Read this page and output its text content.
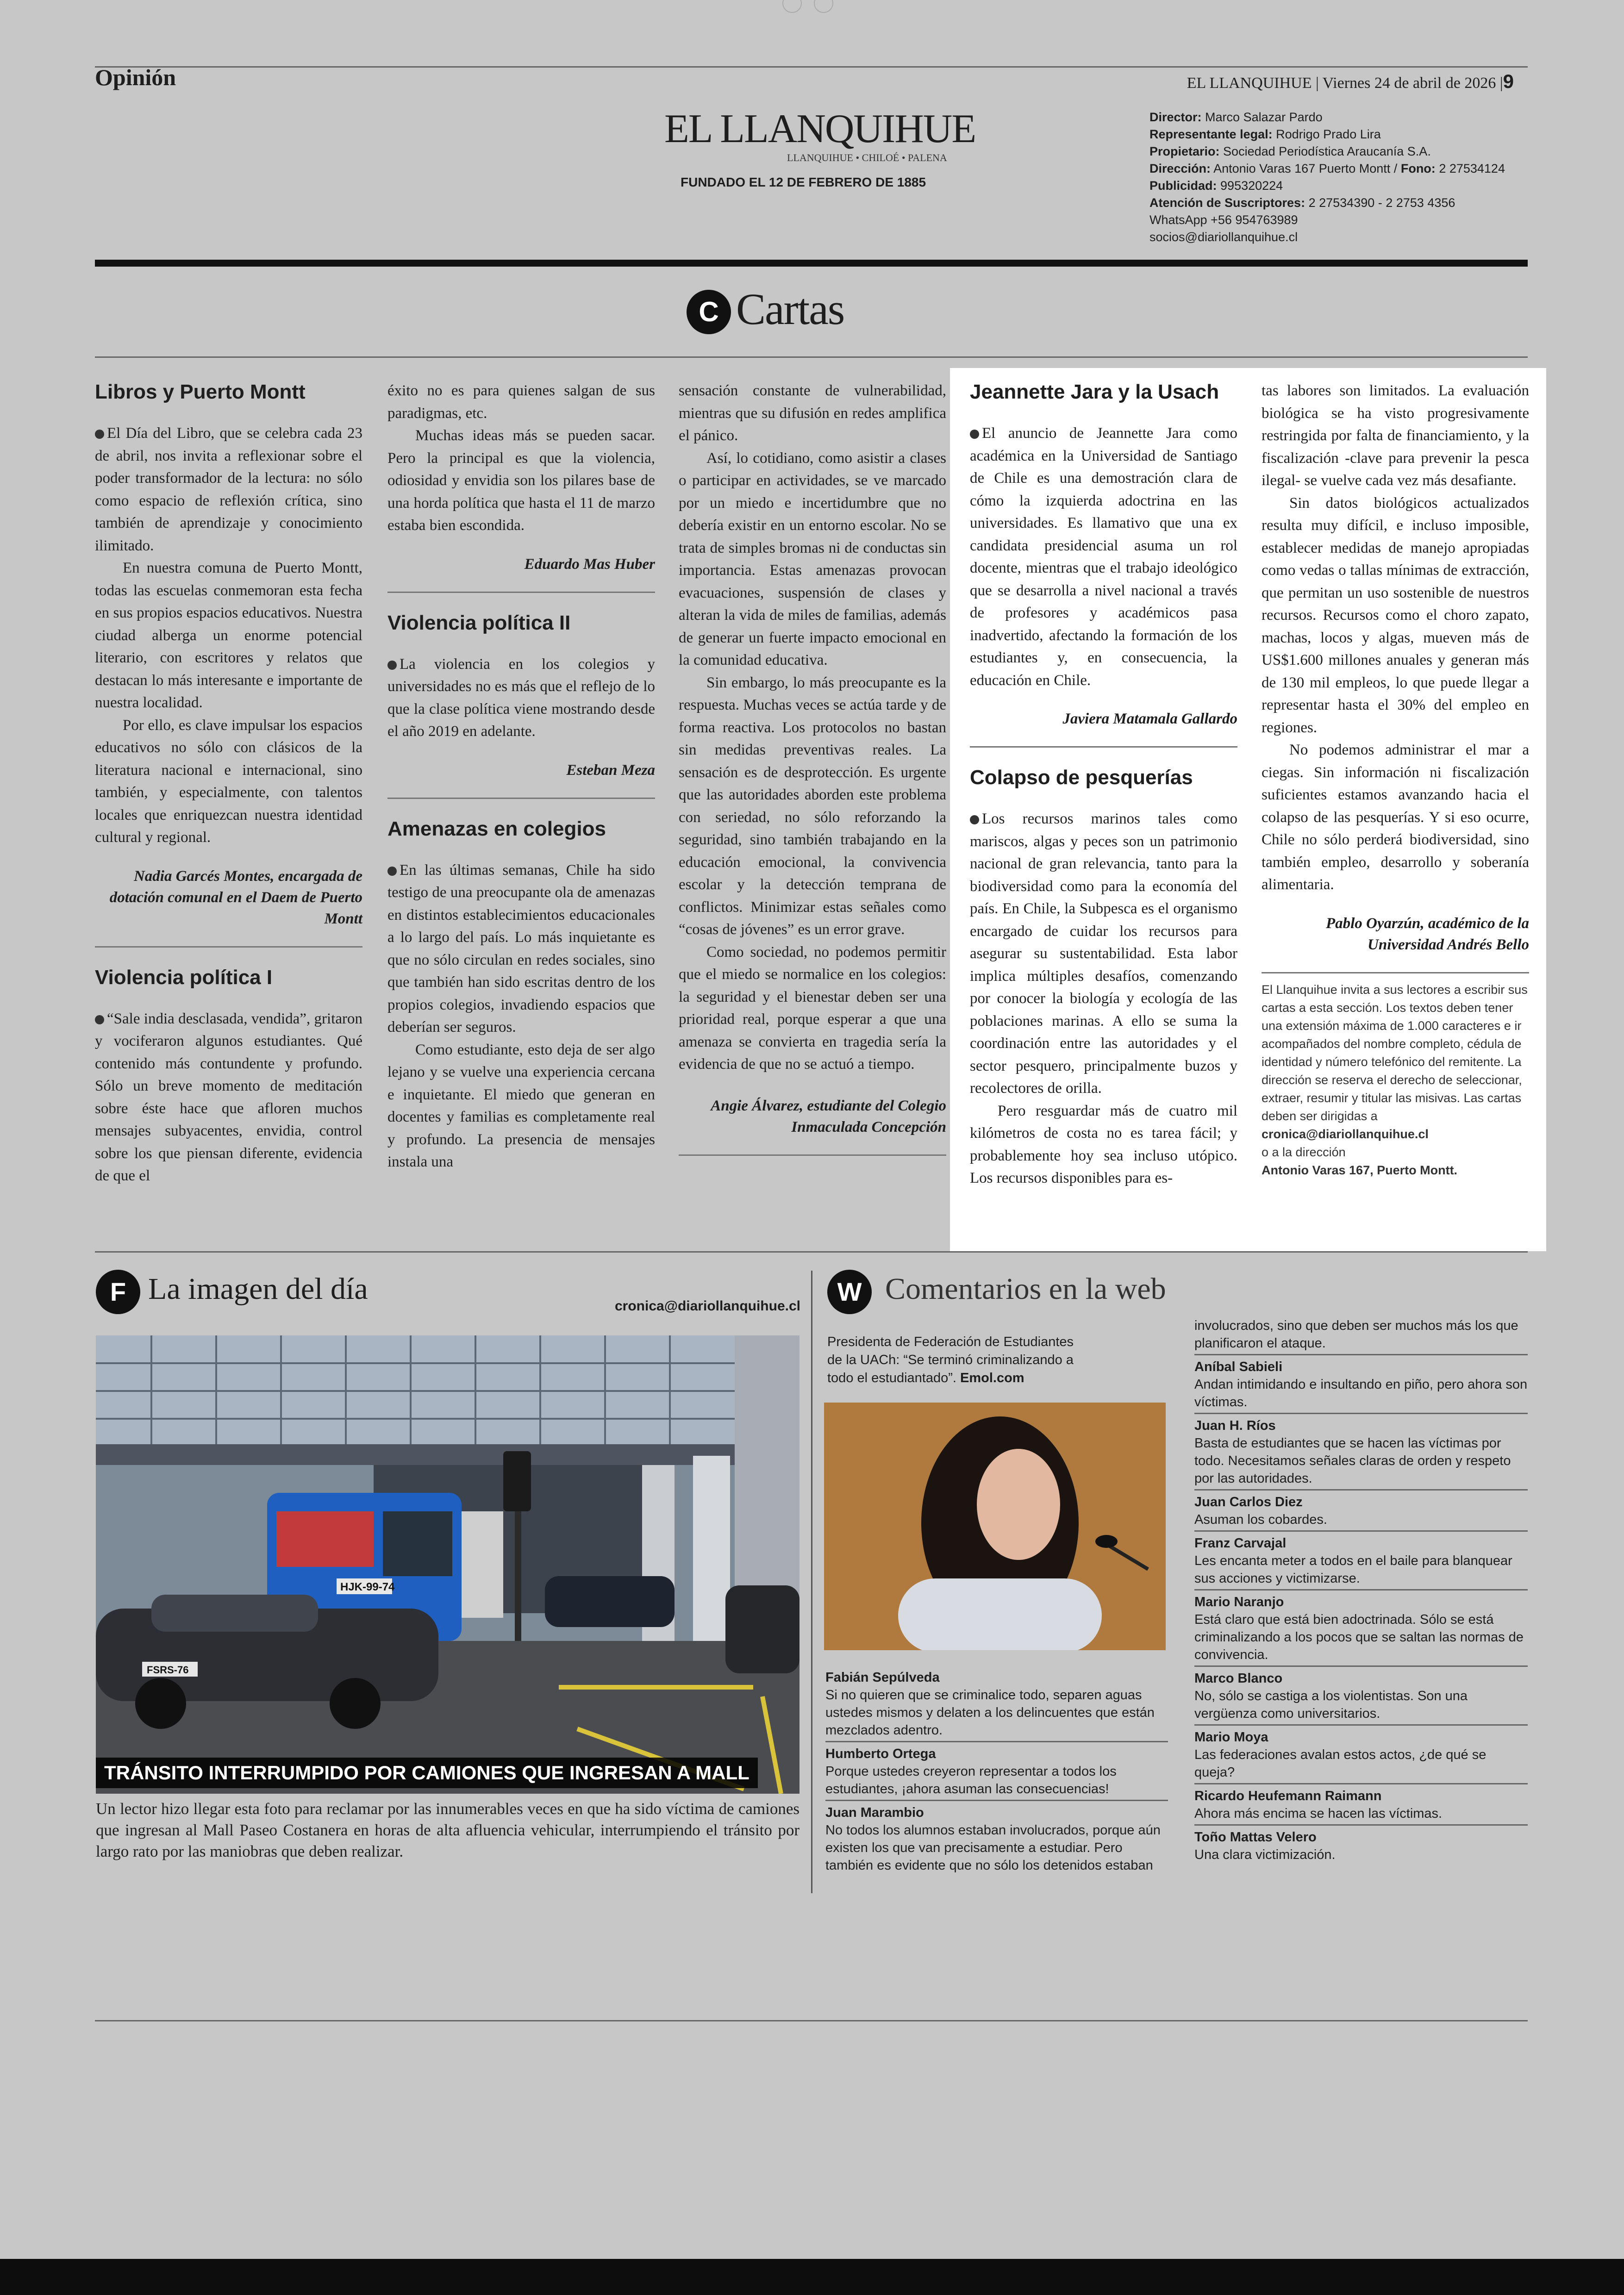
Opinión	EL LLANQUIHUE | Viernes 24 de abril de 2026 |9
EL LLANQUIHUE
LLANQUIHUE • CHILOÉ • PALENA
FUNDADO EL 12 DE FEBRERO DE 1885
Director: Marco Salazar Pardo
Representante legal: Rodrigo Prado Lira
Propietario: Sociedad Periodística Araucanía S.A.
Dirección: Antonio Varas 167 Puerto Montt / Fono: 2 27534124
Publicidad: 995320224
Atención de Suscriptores: 2 27534390 - 2 2753 4356
WhatsApp +56 954763989
socios@diariollanquihue.cl
C Cartas
Libros y Puerto Montt

El Día del Libro, que se celebra cada 23 de abril, nos invita a reflexionar sobre el poder transformador de la lectura: no sólo como espacio de reflexión crítica, sino también de aprendizaje y conocimiento ilimitado.

En nuestra comuna de Puerto Montt, todas las escuelas conmemoran esta fecha en sus propios espacios educativos. Nuestra ciudad alberga un enorme potencial literario, con escritores y relatos que destacan lo más interesante e importante de nuestra localidad.

Por ello, es clave impulsar los espacios educativos no sólo con clásicos de la literatura nacional e internacional, sino también, y especialmente, con talentos locales que enriquezcan nuestra identidad cultural y regional.

Nadia Garcés Montes, encargada de dotación comunal en el Daem de Puerto Montt
Violencia política I

“Sale india desclasada, vendida”, gritaron y vociferaron algunos estudiantes. Qué contenido más contundente y profundo. Sólo un breve momento de meditación sobre éste hace que afloren muchos mensajes subyacentes, envidia, control sobre los que piensan diferente, evidencia de que el

éxito no es para quienes salgan de sus paradigmas, etc.

Muchas ideas más se pueden sacar. Pero la principal es que la violencia, odiosidad y envidia son los pilares base de una horda política que hasta el 11 de marzo estaba bien escondida.

Eduardo Mas Huber
Violencia política II

La violencia en los colegios y universidades no es más que el reflejo de lo que la clase política viene mostrando desde el año 2019 en adelante.

Esteban Meza
Amenazas en colegios

En las últimas semanas, Chile ha sido testigo de una preocupante ola de amenazas en distintos establecimientos educacionales a lo largo del país. Lo más inquietante es que no sólo circulan en redes sociales, sino que también han sido escritas dentro de los propios colegios, invadiendo espacios que deberían ser seguros.

Como estudiante, esto deja de ser algo lejano y se vuelve una experiencia cercana e inquietante. El miedo que generan en docentes y familias es completamente real y profundo. La presencia de mensajes instala una

sensación constante de vulnerabilidad, mientras que su difusión en redes amplifica el pánico.

Así, lo cotidiano, como asistir a clases o participar en actividades, se ve marcado por un miedo e incertidumbre que no debería existir en un entorno escolar. No se trata de simples bromas ni de conductas sin importancia. Estas amenazas provocan evacuaciones, suspensión de clases y alteran la vida de miles de familias, además de generar un fuerte impacto emocional en la comunidad educativa.

Sin embargo, lo más preocupante es la respuesta. Muchas veces se actúa tarde y de forma reactiva. Los protocolos no bastan sin medidas preventivas reales. La sensación es de desprotección. Es urgente que las autoridades aborden este problema con seriedad, no sólo reforzando la seguridad, sino también trabajando en la educación emocional, la convivencia escolar y la detección temprana de conflictos. Minimizar estas señales como “cosas de jóvenes” es un error grave.

Como sociedad, no podemos permitir que el miedo se normalice en los colegios: la seguridad y el bienestar deben ser una prioridad real, porque esperar a que una amenaza se convierta en tragedia sería la evidencia de que no se actuó a tiempo.

Angie Álvarez, estudiante del Colegio Inmaculada Concepción
Jeannette Jara y la Usach

El anuncio de Jeannette Jara como académica en la Universidad de Santiago de Chile es una demostración clara de cómo la izquierda adoctrina en las universidades. Es llamativo que una ex candidata presidencial asuma un rol docente, mientras que el trabajo ideológico que se desarrolla a nivel nacional a través de profesores y académicos pasa inadvertido, afectando la formación de los estudiantes y, en consecuencia, la educación en Chile.

Javiera Matamala Gallardo
Colapso de pesquerías

Los recursos marinos tales como mariscos, algas y peces son un patrimonio nacional de gran relevancia, tanto para la biodiversidad como para la economía del país. En Chile, la Subpesca es el organismo encargado de cuidar los recursos para asegurar su sustentabilidad. Esta labor implica múltiples desafíos, comenzando por conocer la biología y ecología de las poblaciones marinas. A ello se suma la coordinación entre las autoridades y el sector pesquero, principalmente buzos y recolectores de orilla.

Pero resguardar más de cuatro mil kilómetros de costa no es tarea fácil; y probablemente hoy sea incluso utópico. Los recursos disponibles para es-

tas labores son limitados. La evaluación biológica se ha visto progresivamente restringida por falta de financiamiento, y la fiscalización -clave para prevenir la pesca ilegal- se vuelve cada vez más desafiante.

Sin datos biológicos actualizados resulta muy difícil, e incluso imposible, establecer medidas de manejo apropiadas como vedas o tallas mínimas de extracción, que permitan un uso sostenible de nuestros recursos. Recursos como el choro zapato, machas, locos y algas, mueven más de US$1.600 millones anuales y generan más de 130 mil empleos, lo que puede llegar a representar hasta el 30% del empleo en regiones.

No podemos administrar el mar a ciegas. Sin información ni fiscalización suficientes estamos avanzando hacia el colapso de las pesquerías. Y si eso ocurre, Chile no sólo perderá biodiversidad, sino también empleo, desarrollo y soberanía alimentaria.

Pablo Oyarzún, académico de la Universidad Andrés Bello
El Llanquihue invita a sus lectores a escribir sus cartas a esta sección. Los textos deben tener una extensión máxima de 1.000 caracteres e ir acompañados del nombre completo, cédula de identidad y número telefónico del remitente. La dirección se reserva el derecho de seleccionar, extraer, resumir y titular las misivas. Las cartas deben ser dirigidas a
cronica@diariollanquihue.cl
o a la dirección
Antonio Varas 167, Puerto Montt.
F La imagen del día
cronica@diariollanquihue.cl
HJK-99-74
FSRS-76
TRÁNSITO INTERRUMPIDO POR CAMIONES QUE INGRESAN A MALL
Un lector hizo llegar esta foto para reclamar por las innumerables veces en que ha sido víctima de camiones que ingresan al Mall Paseo Costanera en horas de alta afluencia vehicular, interrumpiendo el tránsito por largo rato por las maniobras que deben realizar.
W Comentarios en la web
Presidenta de Federación de Estudiantes de la UACh: “Se terminó criminalizando a todo el estudiantado”. Emol.com
Fabián Sepúlveda
Si no quieren que se criminalice todo, separen aguas ustedes mismos y delaten a los delincuentes que están mezclados adentro.
Humberto Ortega
Porque ustedes creyeron representar a todos los estudiantes, ¡ahora asuman las consecuencias!
Juan Marambio
No todos los alumnos estaban involucrados, porque aún existen los que van precisamente a estudiar. Pero también es evidente que no sólo los detenidos estaban
involucrados, sino que deben ser muchos más los que planificaron el ataque.
Aníbal Sabieli
Andan intimidando e insultando en piño, pero ahora son víctimas.
Juan H. Ríos
Basta de estudiantes que se hacen las víctimas por todo. Necesitamos señales claras de orden y respeto por las autoridades.
Juan Carlos Diez
Asuman los cobardes.
Franz Carvajal
Les encanta meter a todos en el baile para blanquear sus acciones y victimizarse.
Mario Naranjo
Está claro que está bien adoctrinada. Sólo se está criminalizando a los pocos que se saltan las normas de convivencia.
Marco Blanco
No, sólo se castiga a los violentistas. Son una vergüenza como universitarios.
Mario Moya
Las federaciones avalan estos actos, ¿de qué se queja?
Ricardo Heufemann Raimann
Ahora más encima se hacen las víctimas.
Toño Mattas Velero
Una clara victimización.
